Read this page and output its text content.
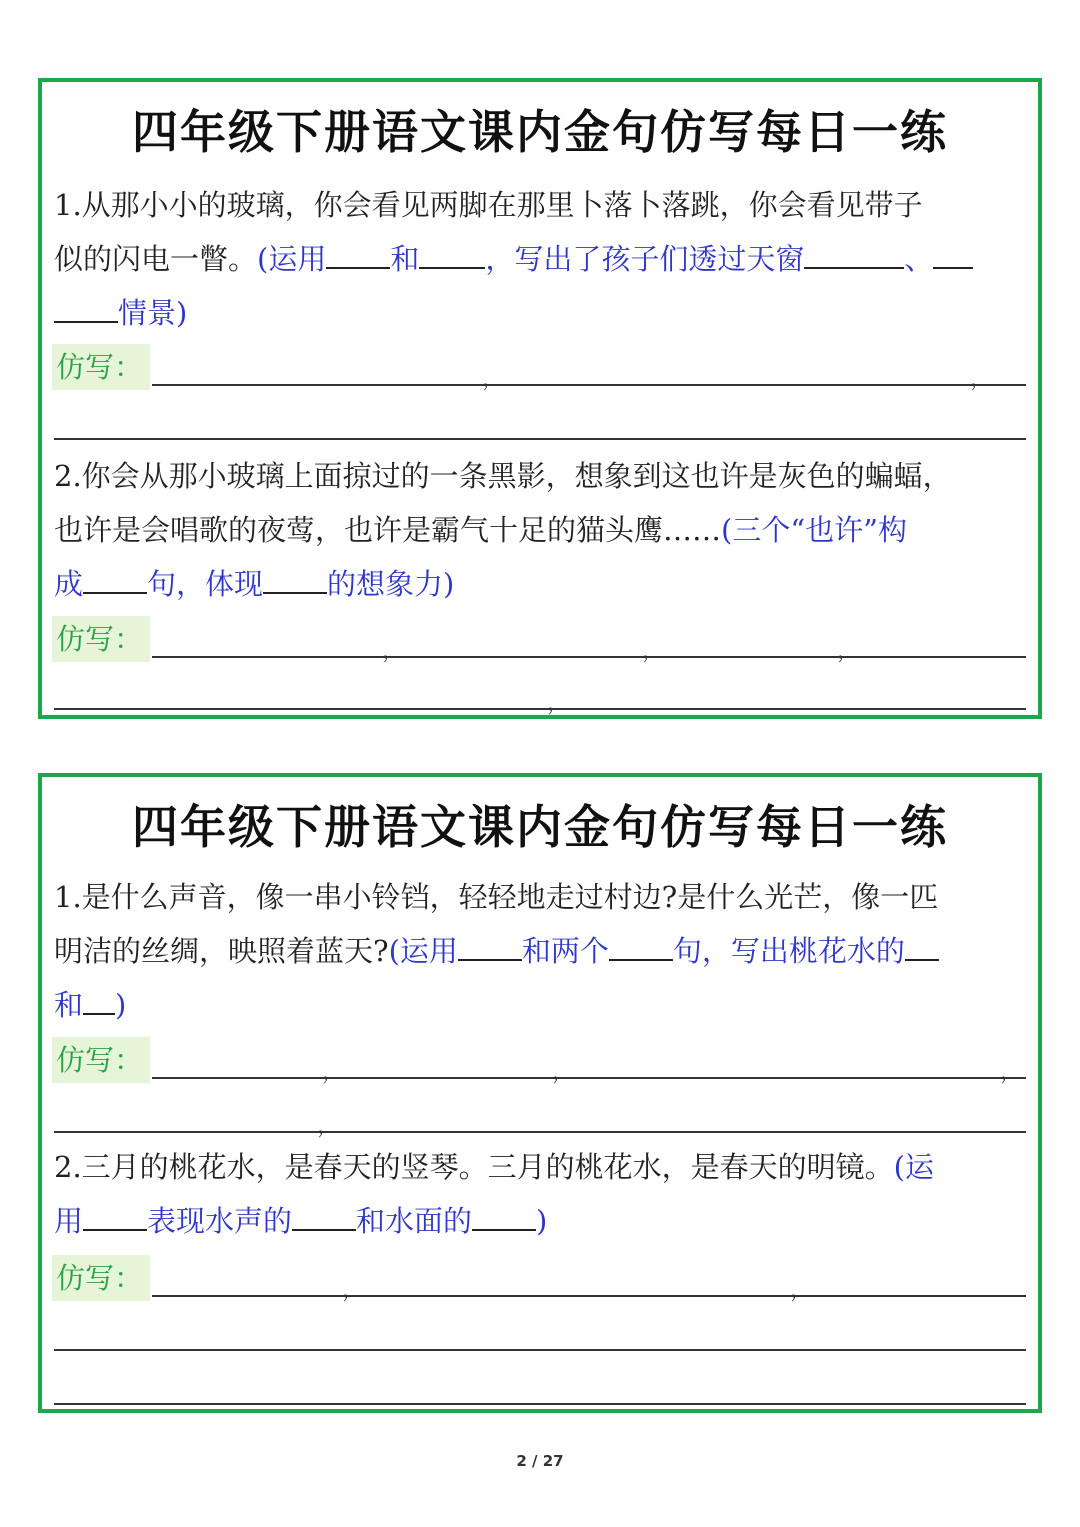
四年级下册语文课内金句仿写每日一练
1.从那小小的玻璃，你会看见两脚在那里卜落卜落跳，你会看见带子
似的闪电一瞥。(运用 和 ，写出了孩子们透过天窗	、
情景)
仿写：	，	，
2.你会从那小玻璃上面掠过的一条黑影，想象到这也许是灰色的蝙蝠，
也许是会唱歌的夜莺，也许是霸气十足的猫头鹰……(三个“也许”构
成 句，体现 的想象力)
仿写：	，	，	，
，
四年级下册语文课内金句仿写每日一练
1.是什么声音，像一串小铃铛，轻轻地走过村边?是什么光芒，像一匹
明洁的丝绸，映照着蓝天?(运用 和两个 句，写出桃花水的
和 )
仿写：	，	，	，
，
2.三月的桃花水，是春天的竖琴。三月的桃花水，是春天的明镜。(运
用 表现水声的 和水面的 )
仿写：	，	，
2 / 27
